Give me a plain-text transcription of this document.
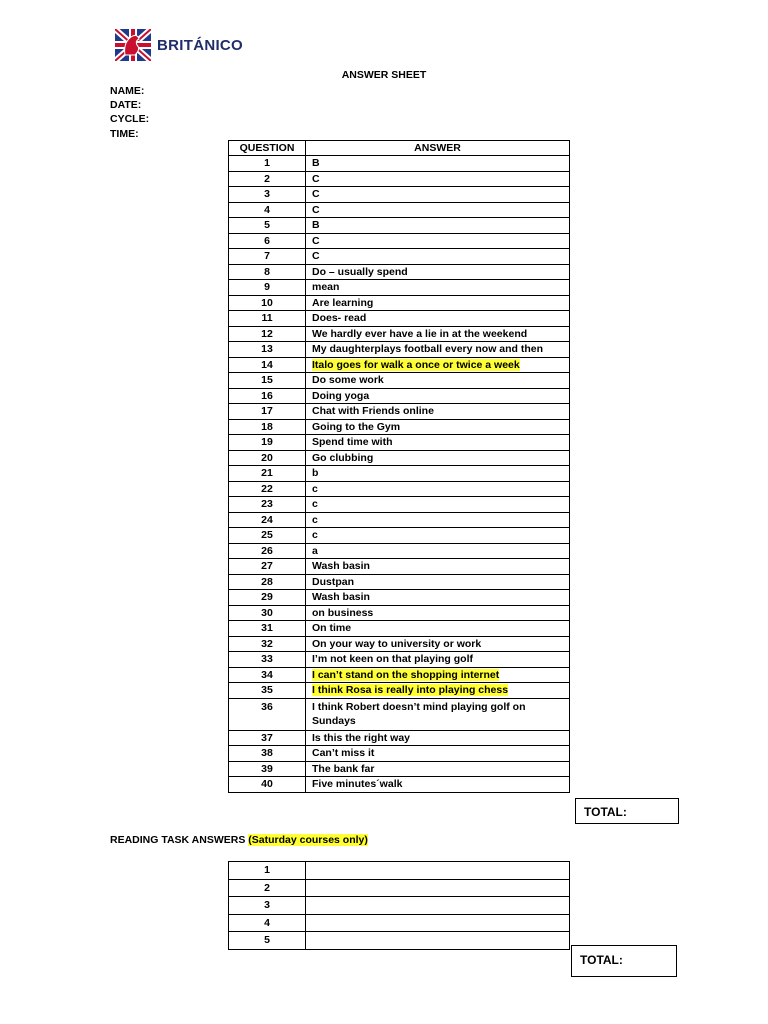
BRITÁNICO
ANSWER SHEET
NAME:
DATE:
CYCLE:
TIME:
QUESTION	ANSWER
1	B
2	C
3	C
4	C
5	B
6	C
7	C
8	Do – usually spend
9	mean
10	Are learning
11	Does- read
12	We hardly ever have a lie in at the weekend
13	My daughterplays football every now and then
14	Italo goes for walk a once or twice a week
15	Do some work
16	Doing yoga
17	Chat with Friends online
18	Going to the Gym
19	Spend time with
20	Go clubbing
21	b
22	c
23	c
24	c
25	c
26	a
27	Wash basin
28	Dustpan
29	Wash basin
30	on business
31	On time
32	On your way to university or work
33	I’m not keen on that playing golf
34	I can’t stand on the shopping internet
35	I think Rosa is really into playing chess
36	I think Robert doesn’t mind playing golf on
Sundays
37	Is this the right way
38	Can’t miss it
39	The bank far
40	Five minutes´walk
TOTAL:
READING TASK ANSWERS (Saturday courses only)
1	
2	
3	
4	
5	
TOTAL:
